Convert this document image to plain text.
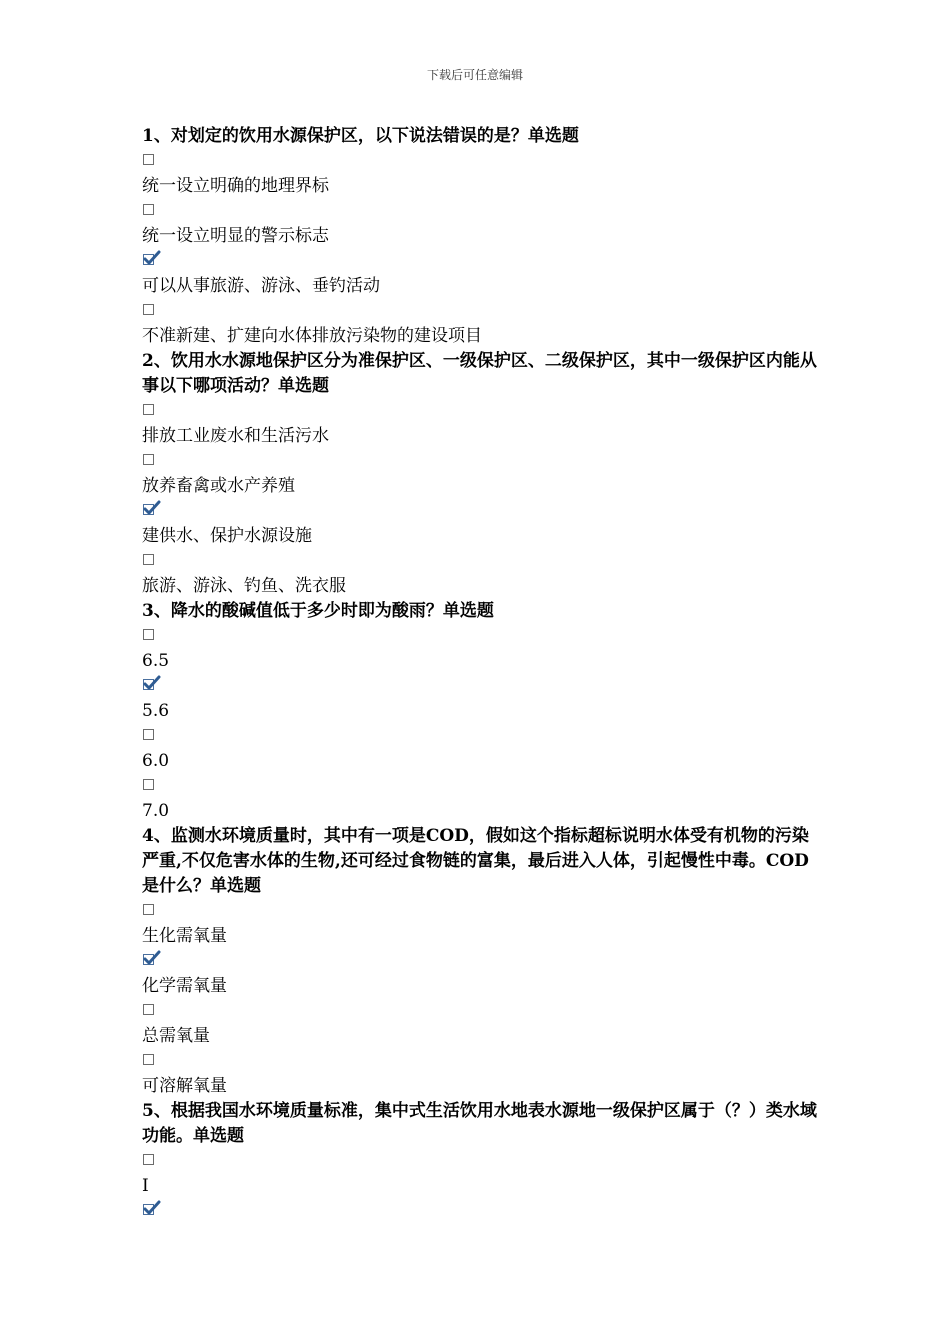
下载后可任意编辑
1、对划定的饮用水源保护区，以下说法错误的是？单选题
统一设立明确的地理界标
统一设立明显的警示标志
可以从事旅游、游泳、垂钓活动
不准新建、扩建向水体排放污染物的建设项目
2、饮用水水源地保护区分为准保护区、一级保护区、二级保护区，其中一级保护区内能从事以下哪项活动？单选题
排放工业废水和生活污水
放养畜禽或水产养殖
建供水、保护水源设施
旅游、游泳、钓鱼、洗衣服
3、降水的酸碱值低于多少时即为酸雨？单选题
6.5
5.6
6.0
7.0
4、监测水环境质量时，其中有一项是COD，假如这个指标超标说明水体受有机物的污染严重,不仅危害水体的生物,还可经过食物链的富集，最后进入人体，引起慢性中毒。COD是什么？单选题
生化需氧量
化学需氧量
总需氧量
可溶解氧量
5、根据我国水环境质量标准，集中式生活饮用水地表水源地一级保护区属于（？）类水域功能。单选题
Ⅰ
